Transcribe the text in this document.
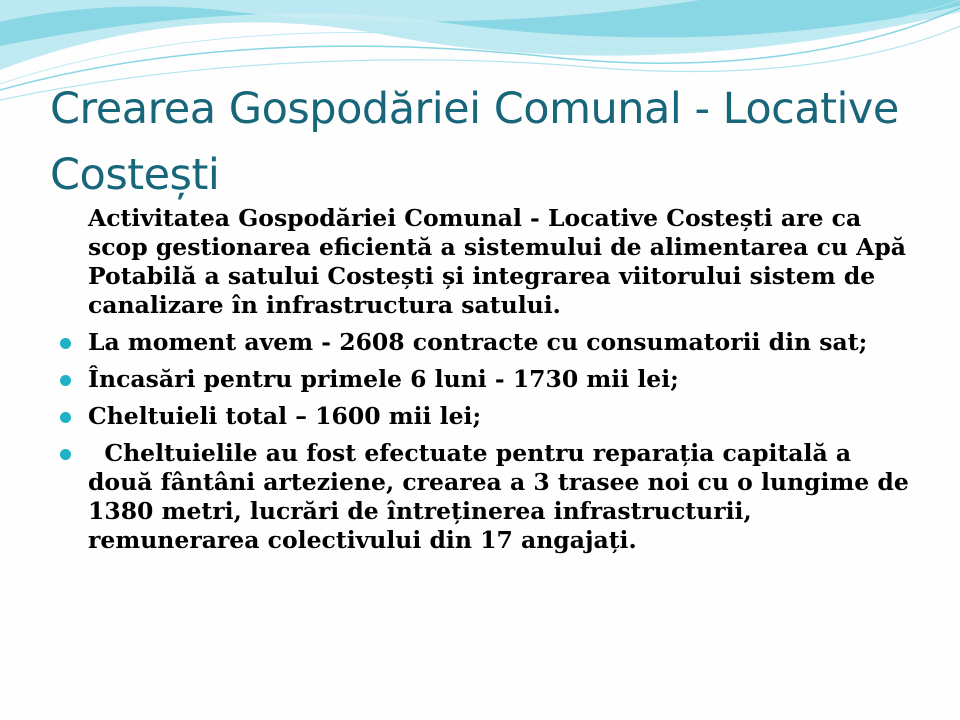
Crearea Gospodăriei Comunal - Locative Costești

Activitatea Gospodăriei Comunal - Locative Costești are ca scop gestionarea eficientă a sistemului de alimentarea cu Apă Potabilă a satului Costești și integrarea viitorului sistem de canalizare în infrastructura satului.

La moment avem - 2608 contracte cu consumatorii din sat;
Încasări pentru primele 6 luni - 1730 mii lei;
Cheltuieli total – 1600 mii lei;
Cheltuielile au fost efectuate pentru reparația capitală a două fântâni arteziene, crearea a 3 trasee noi cu o lungime de 1380 metri, lucrări de întreținerea infrastructurii, remunerarea colectivului din 17 angajați.
